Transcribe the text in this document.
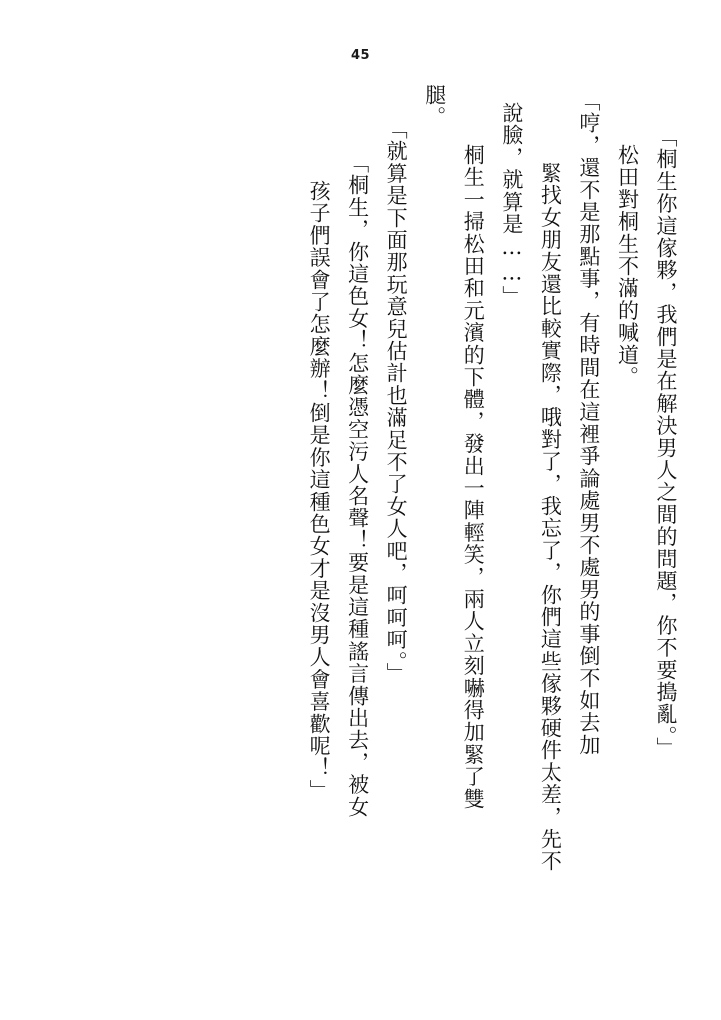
45
「桐生你這傢夥，我們是在解決男人之間的問題，你不要搗亂。」
松田對桐生不滿的喊道。
「哼，還不是那點事，有時間在這裡爭論處男不處男的事倒不如去加
緊找女朋友還比較實際，哦對了，我忘了，你們這些傢夥硬件太差，先不
說臉，就算是……」
桐生一掃松田和元濱的下體，發出一陣輕笑，兩人立刻嚇得加緊了雙
腿。
「就算是下面那玩意兒估計也滿足不了女人吧，呵呵呵。」
「桐生，你這色女！怎麼憑空污人名聲！要是這種謠言傳出去，被女
孩子們誤會了怎麼辦！倒是你這種色女才是沒男人會喜歡呢！」
